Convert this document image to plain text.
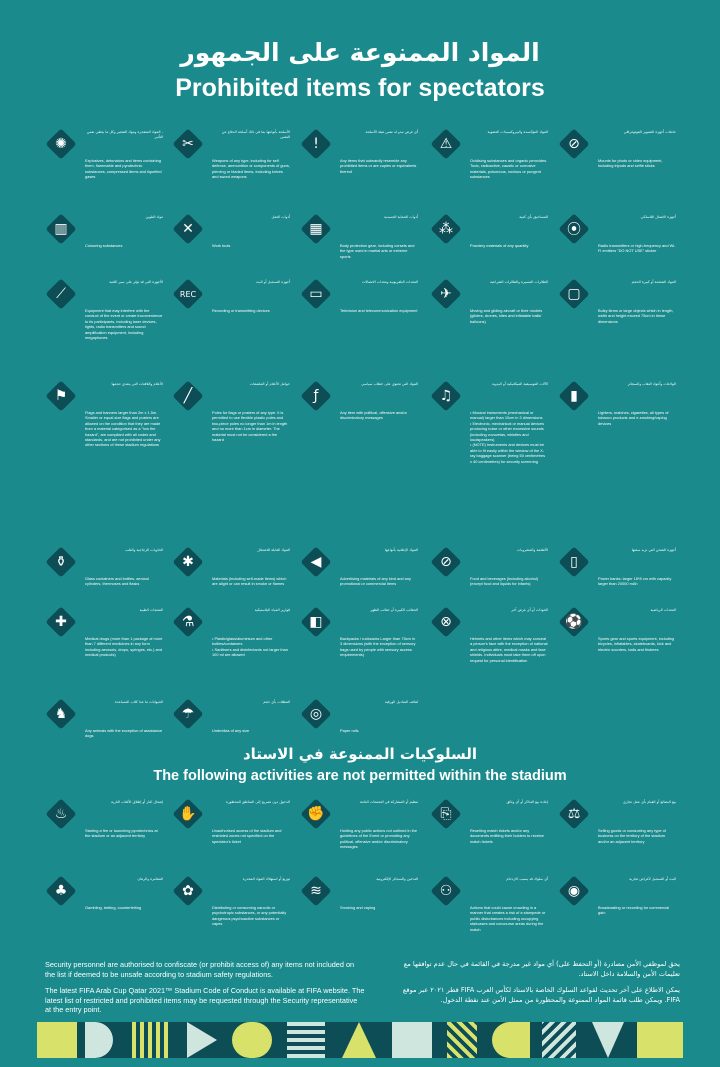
المواد الممنوعة على الجمهور
Prohibited items for spectators
✺
- المواد المتفجرة ومواد التفجير وكل ما يعطي نفس التأثير
Explosives, detonators and items containing them, flammable and pyrotechnic substances, compressed items and liquefied gases
✂
الأسلحة بأنواعها بما في ذلك أسلحة الدفاع عن النفس
Weapons of any type, including for self defence, ammunition or components of guns, piercing or bladed items, including knives and sword weapons
!
أي غرض تبدو له نفس هيئة الأسلحة
Any items that outwardly resemble any prohibited items or are copies or equivalents thereof
⚠
المواد المؤكسدة والبيروكسيدات العضوية
Oxidising substances and organic peroxides. Toxic, radioactive, caustic or corrosive materials, poisonous, noxious or pungent substances
⊘
حاملات أجهزة التصوير الفوتوغرافي
Mounts for photo or video equipment, including tripods and selfie sticks
▥
مواد التلوين
Colouring substances
✕
أدوات العمل
Work tools
▦
أدوات الحماية الجسدية
Body protection gear, including corsets and the type used in martial arts or extreme sports
⁂
المساحيق بأي كمية
Powdery materials of any quantity
⦿
أجهزة الاتصال اللاسلكي
Radio transmitters or high-frequency and Wi-Fi emitters "DO NOT USE" sticker
⟋
الأجهزة التي قد تؤثر على سير اللعبة
Equipment that may interfere with the conduct of the event or create inconvenience to its participants, including laser devices, lights, radio transmitters and sound amplification equipment, including megaphones
REC
أجهزة التسجيل أو البث
Recording or transmitting devices
▭
المعدات التلفزيونية ومعدات الاتصالات
Television and telecommunication equipment
✈
الطائرات المسيرة والطائرات الشراعية
Moving and gliding aircraft or their models (gliders, drones, kites and inflatable balls/ balloons)
▢
المواد الضخمة أو كبيرة الحجم
Bulky items or large objects which in length, width and height exceed 75cm in these dimensions
⚑
الأعلام واللافتات التي يتعدى حجمها
Flags and banners larger than 2m x 1.5m. Smaller or equal size flags and posters are allowed on the condition that they are made from a material categorised as a "low fire hazard", are compliant with all codes and standards, and are not prohibited under any other sections of these stadium regulations
╱
حوامل الأعلام أو الملصقات
Poles for flags or posters of any type. It is permitted to use flexible plastic poles and two-piece poles no longer than 1m in length and no more than 1cm in diameter. The material must not be considered a fire hazard
ƒ
المواد التي تحتوي على خطاب سياسي
Any item with political, offensive and/or discriminatory messages
♫
الآلات الموسيقية الميكانيكية أو اليدوية
• Musical instruments (mechanical or manual) larger than 10cm in 3 dimensions
• Electronic, mechanical or manual devices producing noise or other excessive sounds (including vuvuzelas, whistles and loudspeakers)
• (NOTE) Instruments and devices must be able to fit easily within the window of the X-ray baggage scanner (being 50 centimetres x 40 centimetres) for security screening
▮
الولاعات وأعواد الثقاب والسجائر
Lighters, matches, cigarettes, all types of tobacco products and e-smoking/vaping devices
⚱
الحاويات الزجاجية والعلب
Glass containers and bottles, aerosol cylinders, thermoses and flasks
✱
المواد القابلة للاشتعال
Materials (including self-made items) which are alight or can result in smoke or flames
◀
المواد الإعلانية بأنواعها
Advertising materials of any kind and any promotional or commercial items
⊘
الأطعمة والمشروبات
Food and beverages (including alcohol) (except food and liquids for infants)
▯
أجهزة الشحن التي تزيد سعتها
Power banks: larger 16*8 cm with capacity larger than 20000 mAh
✚
المنتجات الطبية
Medical drugs (more than 1 package of more than 7 different medicines in any form including aerosols, drops, syringes, etc.) and medical products)
⚗
قوارير المياه البلاستيكية
• Plastic/glass/aluminium and other bottles/containers
• Sanitisers and disinfectants not larger than 100 ml are allowed
◧
الحقائب الكبيرة أو حقائب الظهر
Backpacks / rucksacks Larger than 75cm in 3 dimensions (with the exception of sensory bags used by people with sensory access requirements)
⊗
الخوذات أو أي غرض آخر
Helmets and other items which may conceal a person's face with the exception of national and religious attire, medical masks and face shields. Individuals must take them off upon request for personal identification
⚽
المعدات الرياضية
Sports gear and sports equipment, including bicycles, inflatables, skateboards, kick and electric scooters, balls and frisbees
♞
الحيوانات ما عدا كلاب المساعدة
Any animals with the exception of assistance dogs
☂
المظلات بأي حجم
Umbrellas of any size
◎
لفائف المناديل الورقية
Paper rolls
السلوكيات الممنوعة في الاستاد
The following activities are not permitted within the stadium
♨
إشعال النار أو إطلاق الألعاب النارية
Starting a fire or launching pyrotechnics at the stadium or an adjacent territory
✋
الدخول دون تصريح إلى المناطق المحظورة
Unauthorised access of the stadium and restricted zones not specified on the spectator's ticket
✊
تنظيم أو المشاركة في التجمعات العامة
Holding any public actions not outlined in the guidelines of the Event or promoting any political, offensive and/or discriminatory messages
⎘
إعادة بيع التذاكر أو أي وثائق
Reselling match tickets and/or any documents entitling their holders to receive match tickets
⚖
بيع البضائع أو القيام بأي عمل تجاري
Selling goods or conducting any type of business on the territory of the stadium and/or an adjacent territory
♣
المقامرة والرهان
Gambling, betting, counterfeiting
✿
توزيع أو استهلاك المواد المخدرة
Distributing or consuming narcotic or psychotropic substances, or any potentially dangerous psychoactive substances or vapes
≋
التدخين والسجائر الإلكترونية
Smoking and vaping
⚇
أي سلوك قد يسبب الازدحام
Actions that could cause crowding in a manner that creates a risk of a stampede or public disturbances including occupying staircases and concourse areas during the match
◉
البث أو التسجيل لأغراض تجارية
Broadcasting or recording for commercial gain
Security personnel are authorised to confiscate (or prohibit access of) any items not included on the list if deemed to be unsafe according to stadium safety regulations.
The latest FIFA Arab Cup Qatar 2021™ Stadium Code of Conduct is available at FIFA website. The latest list of restricted and prohibited items may be requested through the Security representative at the entry point.
يحق لموظفي الأمن مصادرة (أو التحفظ على) أي مواد غير مدرجة في القائمة في حال عدم توافقها مع تعليمات الأمن والسلامة داخل الاستاد.
يمكن الاطلاع على آخر تحديث لقواعد السلوك الخاصة بالاستاد لكأس العرب FIFA قطر ٢٠٢١ عبر موقع FIFA. ويمكن طلب قائمة المواد الممنوعة والمحظورة من ممثل الأمن عند نقطة الدخول.
